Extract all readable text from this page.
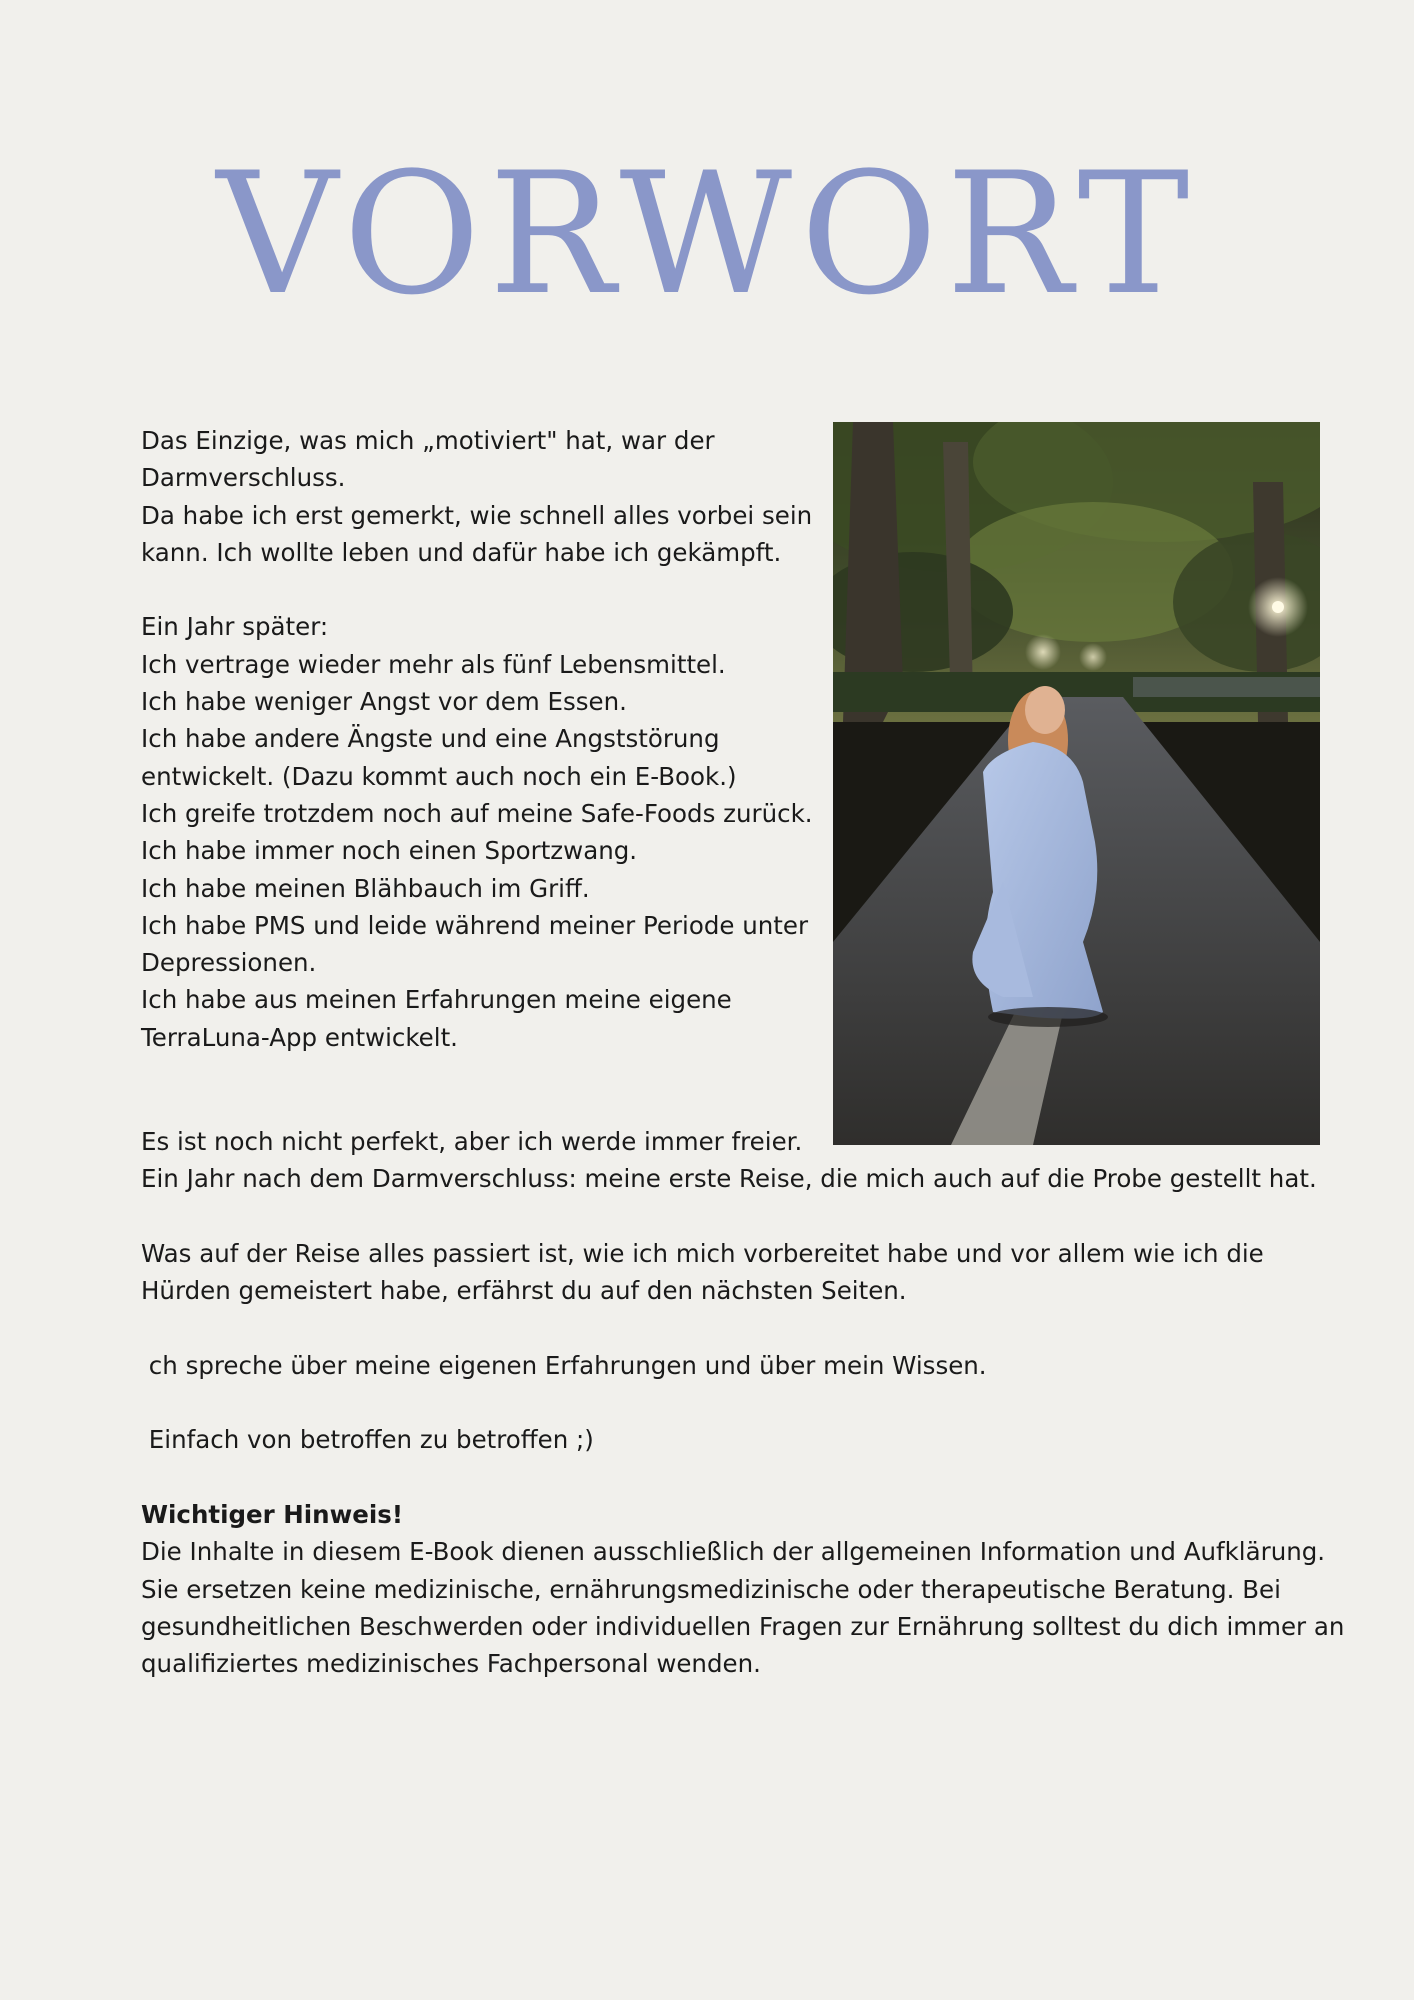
VORWORT

Das Einzige, was mich „motiviert" hat, war der

Darmverschluss.

Da habe ich erst gemerkt, wie schnell alles vorbei sein

kann. Ich wollte leben und dafür habe ich gekämpft.

Ein Jahr später:

Ich vertrage wieder mehr als fünf Lebensmittel.

Ich habe weniger Angst vor dem Essen.

Ich habe andere Ängste und eine Angststörung

entwickelt. (Dazu kommt auch noch ein E-Book.)

Ich greife trotzdem noch auf meine Safe-Foods zurück.

Ich habe immer noch einen Sportzwang.

Ich habe meinen Blähbauch im Griff.

Ich habe PMS und leide während meiner Periode unter

Depressionen.

Ich habe aus meinen Erfahrungen meine eigene

TerraLuna-App entwickelt.

Es ist noch nicht perfekt, aber ich werde immer freier.

Ein Jahr nach dem Darmverschluss: meine erste Reise, die mich auch auf die Probe gestellt hat.

Was auf der Reise alles passiert ist, wie ich mich vorbereitet habe und vor allem wie ich die

Hürden gemeistert habe, erfährst du auf den nächsten Seiten.

ch spreche über meine eigenen Erfahrungen und über mein Wissen.

Einfach von betroffen zu betroffen ;)

Wichtiger Hinweis!

Die Inhalte in diesem E-Book dienen ausschließlich der allgemeinen Information und Aufklärung.

Sie ersetzen keine medizinische, ernährungsmedizinische oder therapeutische Beratung. Bei

gesundheitlichen Beschwerden oder individuellen Fragen zur Ernährung solltest du dich immer an

qualifiziertes medizinisches Fachpersonal wenden.
